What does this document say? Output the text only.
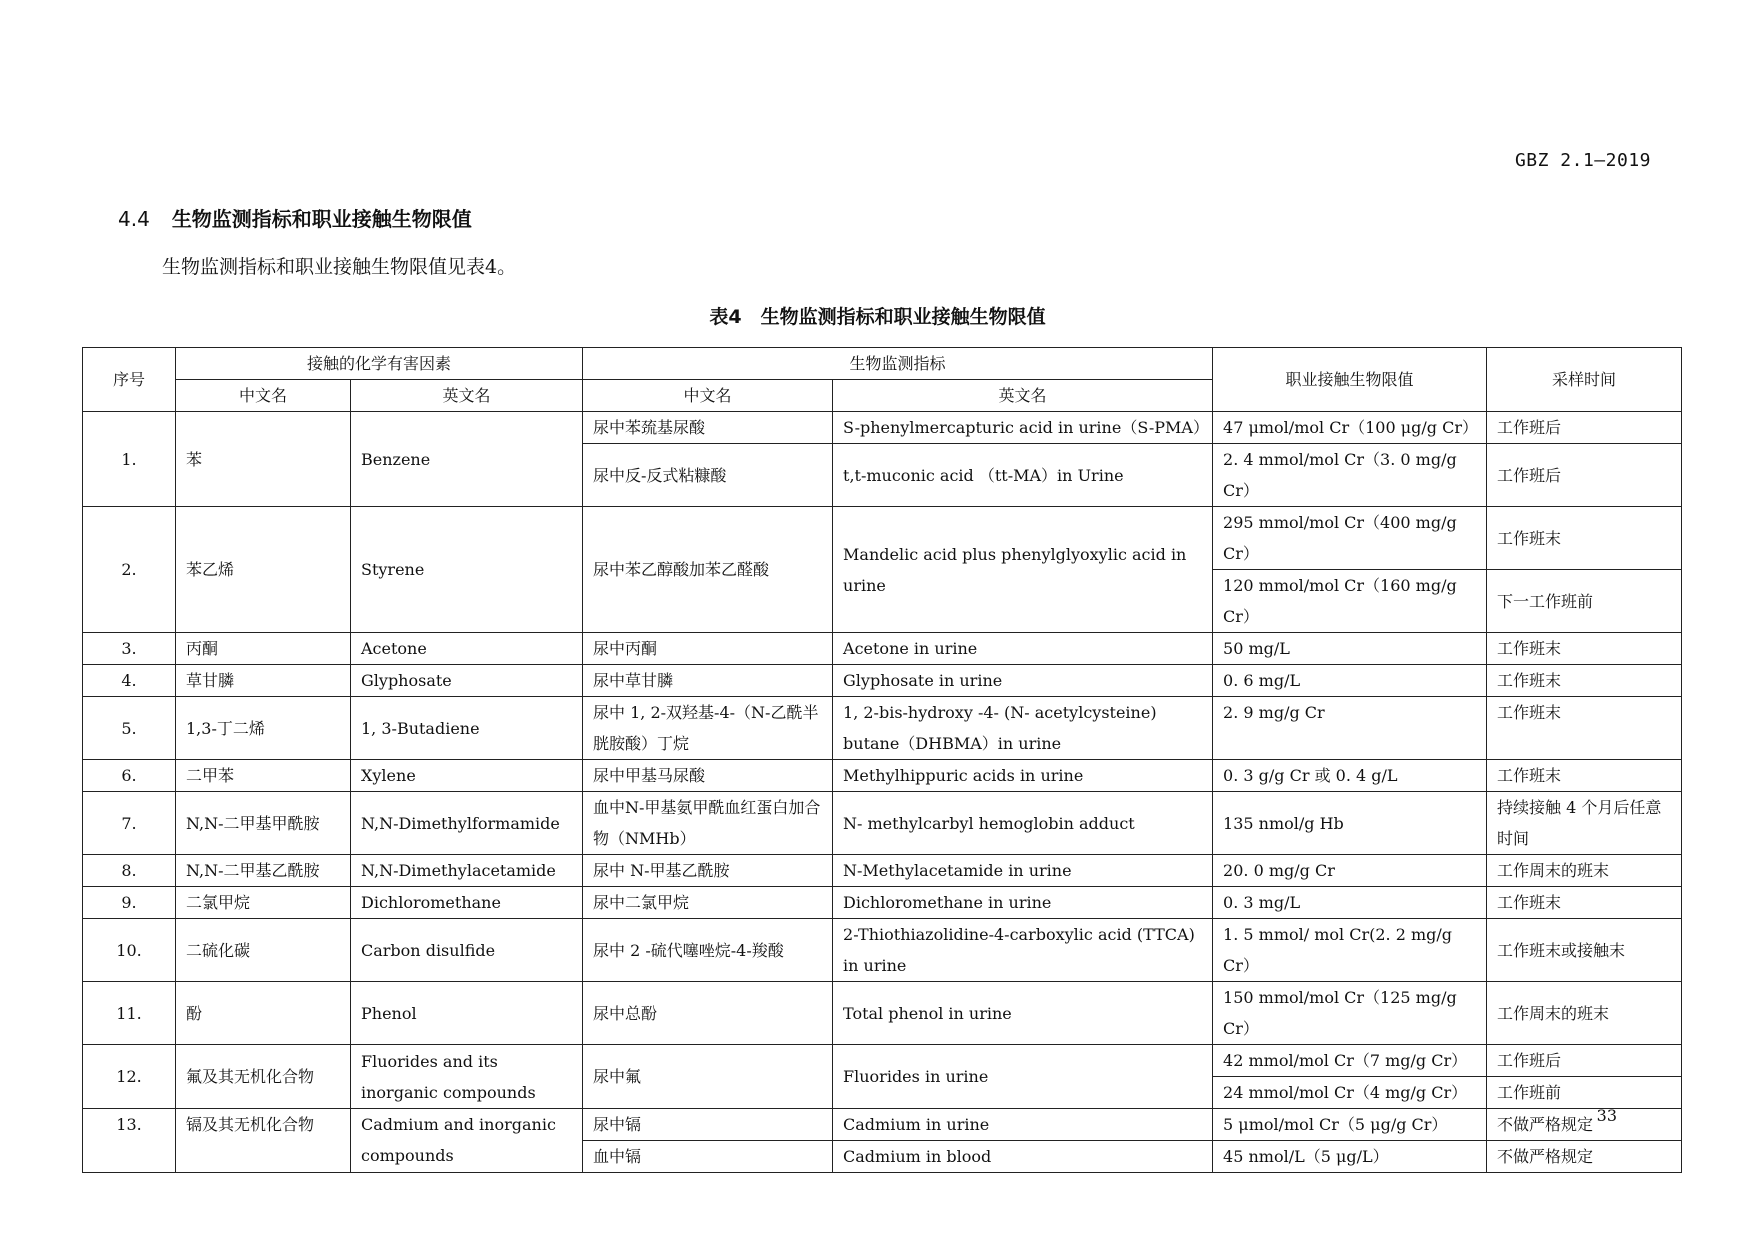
GBZ 2.1—2019
4.4 生物监测指标和职业接触生物限值
生物监测指标和职业接触生物限值见表4。
表4　生物监测指标和职业接触生物限值
序号	接触的化学有害因素		生物监测指标		职业接触生物限值	采样时间
	中文名	英文名	中文名	英文名		
1.	苯	Benzene	尿中苯巯基尿酸	S-phenylmercapturic acid in urine（S-PMA）	47 μmol/mol Cr（100 μg/g Cr）	工作班后
			尿中反-反式粘糠酸	t,t-muconic acid （tt-MA）in Urine	2. 4 mmol/mol Cr（3. 0 mg/g Cr）	工作班后
2.	苯乙烯	Styrene	尿中苯乙醇酸加苯乙醛酸	Mandelic acid plus phenylglyoxylic acid in urine	295 mmol/mol Cr（400 mg/g Cr）	工作班末
					120 mmol/mol Cr（160 mg/g Cr）	下一工作班前
3.	丙酮	Acetone	尿中丙酮	Acetone in urine	50 mg/L	工作班末
4.	草甘膦	Glyphosate	尿中草甘膦	Glyphosate in urine	0. 6 mg/L	工作班末
5.	1,3-丁二烯	1, 3-Butadiene	尿中 1, 2-双羟基-4-（N-乙酰半胱胺酸）丁烷	1, 2-bis-hydroxy -4- (N- acetylcysteine) butane（DHBMA）in urine	2. 9 mg/g Cr	工作班末
6.	二甲苯	Xylene	尿中甲基马尿酸	Methylhippuric acids in urine	0. 3 g/g Cr 或 0. 4 g/L	工作班末
7.	N,N-二甲基甲酰胺	N,N-Dimethylformamide	血中N-甲基氨甲酰血红蛋白加合物（NMHb）	N- methylcarbyl hemoglobin adduct	135 nmol/g Hb	持续接触 4 个月后任意时间
8.	N,N-二甲基乙酰胺	N,N-Dimethylacetamide	尿中 N-甲基乙酰胺	N-Methylacetamide in urine	20. 0 mg/g Cr	工作周末的班末
9.	二氯甲烷	Dichloromethane	尿中二氯甲烷	Dichloromethane in urine	0. 3 mg/L	工作班末
10.	二硫化碳	Carbon disulfide	尿中 2 -硫代噻唑烷-4-羧酸	2-Thiothiazolidine-4-carboxylic acid (TTCA) in urine	1. 5 mmol/ mol Cr(2. 2 mg/g Cr）	工作班末或接触末
11.	酚	Phenol	尿中总酚	Total phenol in urine	150 mmol/mol Cr（125 mg/g Cr）	工作周末的班末
12.	氟及其无机化合物	Fluorides and its inorganic compounds	尿中氟	Fluorides in urine	42 mmol/mol Cr（7 mg/g Cr）	工作班后
					24 mmol/mol Cr（4 mg/g Cr）	工作班前
13.	镉及其无机化合物	Cadmium and inorganic compounds	尿中镉	Cadmium in urine	5 μmol/mol Cr（5 μg/g Cr）	不做严格规定
			血中镉	Cadmium in blood	45 nmol/L（5 μg/L）	不做严格规定
33
